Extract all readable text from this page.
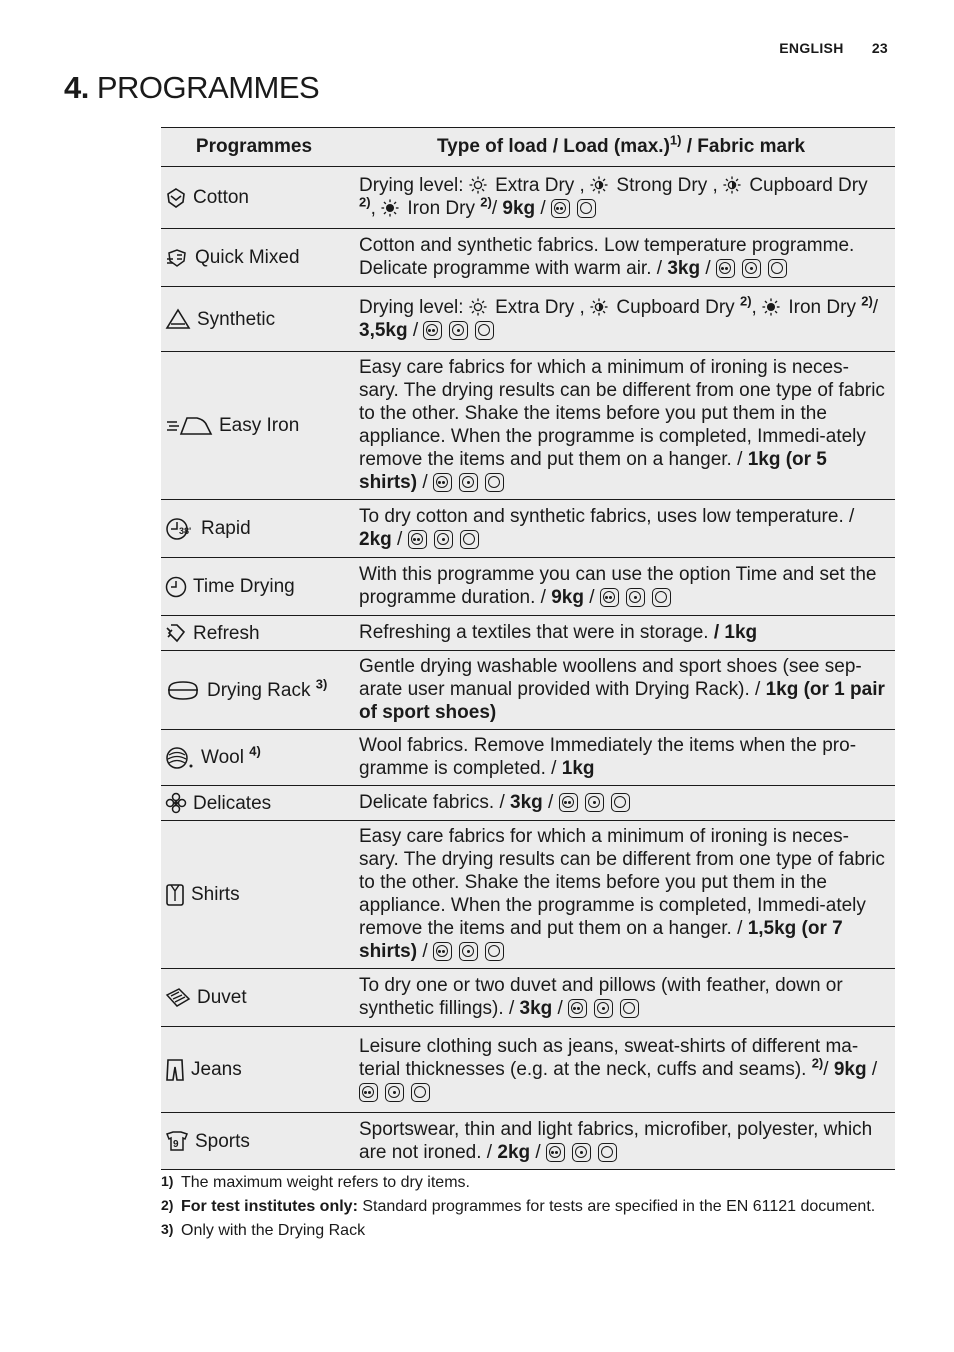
ENGLISH 23
4. PROGRAMMES
Programmes	Type of load / Load $(\max.)^{1)}$ / Fabric mark
Cotton	Drying level:  Extra Dry ,  Strong Dry ,  Cupboard Dry $^{2)}$,  Iron Dry $^{2)}$/ 9kg /
Quick Mixed	Cotton and synthetic fabrics. Low temperature programme. Delicate programme with warm air. / 3kg /
Synthetic	Drying level:  Extra Dry ,  Cupboard Dry $^{2)}$,  Iron Dry $^{2)}$/ 3,5kg /
Easy Iron	Easy care fabrics for which a minimum of ironing is neces-sary. The drying results can be different from one type of fabric to the other. Shake the items before you put them in the appliance. When the programme is completed, Immedi-ately remove the items and put them on a hanger. / 1kg (or 5 shirts) /

38' Rapid	To dry cotton and synthetic fabrics, uses low temperature. / 2kg /
Time Drying	With this programme you can use the option Time and set the programme duration. / 9kg /
Refresh	Refreshing a textiles that were in storage. / 1kg
Drying Rack $^{3)}$	Gentle drying washable woollens and sport shoes (see sep-arate user manual provided with Drying Rack). / 1kg (or 1 pair of sport shoes)
Wool $^{4)}$	Wool fabrics. Remove Immediately the items when the pro-gramme is completed. / 1kg
Delicates	Delicate fabrics. / 3kg /
Shirts	Easy care fabrics for which a minimum of ironing is neces-sary. The drying results can be different from one type of fabric to the other. Shake the items before you put them in the appliance. When the programme is completed, Immedi-ately remove the items and put them on a hanger. / 1,5kg (or 7 shirts) /
Duvet	To dry one or two duvet and pillows (with feather, down or synthetic fillings). / 3kg /
Jeans	Leisure clothing such as jeans, sweat-shirts of different ma-terial thicknesses (e.g. at the neck, cuffs and seams). $^{2)}$/ 9kg /

9 Sports	Sportswear, thin and light fabrics, microfiber, polyester, which are not ironed. / 2kg /
1) The maximum weight refers to dry items.
2) For test institutes only: Standard programmes for tests are specified in the EN 61121 document.
3) Only with the Drying Rack
